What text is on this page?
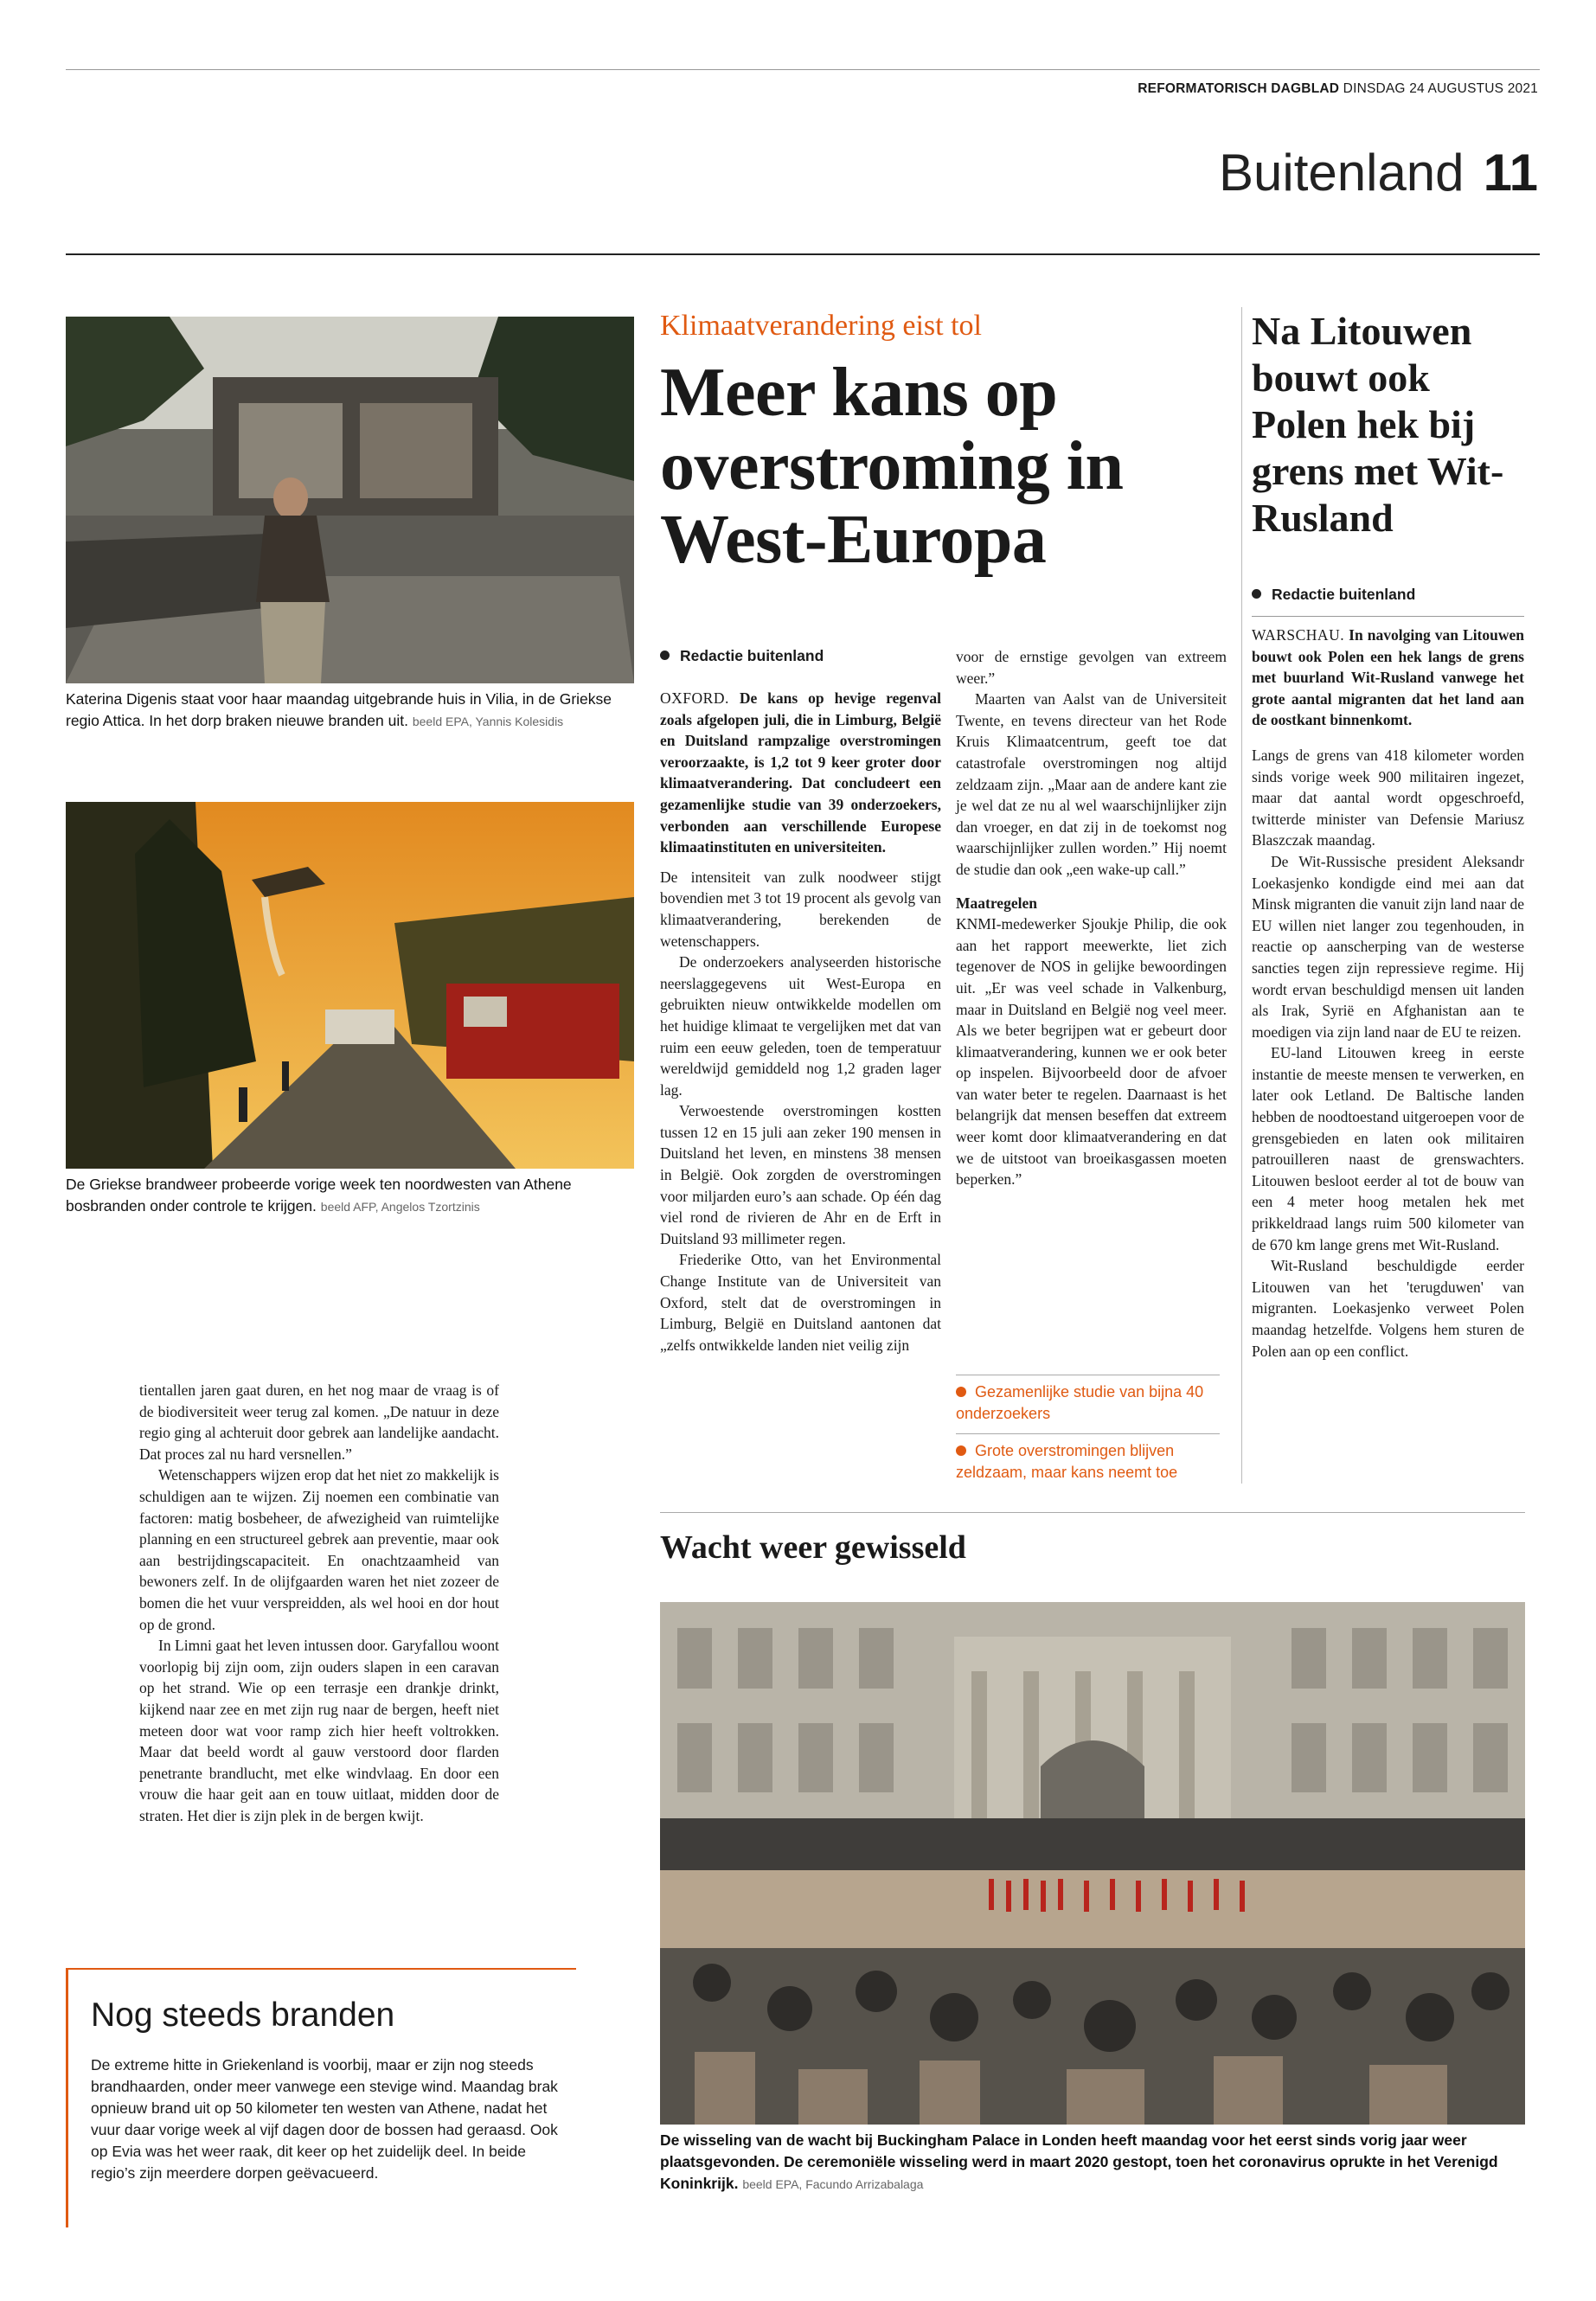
REFORMATORISCH DAGBLAD DINSDAG 24 AUGUSTUS 2021
Buitenland 11
Katerina Digenis staat voor haar maandag uitgebrande huis in Vilia, in de Griekse regio Attica. In het dorp braken nieuwe branden uit. beeld EPA, Yannis Kolesidis
De Griekse brandweer probeerde vorige week ten noordwesten van Athene bosbranden onder controle te krijgen. beeld AFP, Angelos Tzortzinis

tientallen jaren gaat duren, en het nog maar de vraag is of de biodiversiteit weer terug zal komen. „De natuur in deze regio ging al achteruit door gebrek aan landelijke aandacht. Dat proces zal nu hard versnellen.”

Wetenschappers wijzen erop dat het niet zo makkelijk is schuldigen aan te wijzen. Zij noemen een combinatie van factoren: matig bosbeheer, de afwezigheid van ruimtelijke planning en een structureel gebrek aan preventie, maar ook aan bestrijdingscapaciteit. En onachtzaamheid van bewoners zelf. In de olijfgaarden waren het niet zozeer de bomen die het vuur verspreidden, als wel hooi en dor hout op de grond.

In Limni gaat het leven intussen door. Garyfallou woont voorlopig bij zijn oom, zijn ouders slapen in een caravan op het strand. Wie op een terrasje een drankje drinkt, kijkend naar zee en met zijn rug naar de bergen, heeft niet meteen door wat voor ramp zich hier heeft voltrokken. Maar dat beeld wordt al gauw verstoord door flarden penetrante brandlucht, met elke windvlaag. En door een vrouw die haar geit aan en touw uitlaat, midden door de straten. Het dier is zijn plek in de bergen kwijt.

Nog steeds branden
De extreme hitte in Griekenland is voorbij, maar er zijn nog steeds brandhaarden, onder meer vanwege een stevige wind. Maandag brak opnieuw brand uit op 50 kilometer ten westen van Athene, nadat het vuur daar vorige week al vijf dagen door de bossen had geraasd. Ook op Evia was het weer raak, dit keer op het zuidelijk deel. In beide regio’s zijn meerdere dorpen geëvacueerd.
Klimaatverandering eist tol
Meer kans op overstroming in West-Europa
Redactie buitenland

OXFORD. De kans op hevige regenval zoals afgelopen juli, die in Limburg, België en Duitsland rampzalige overstromingen veroorzaakte, is 1,2 tot 9 keer groter door klimaatverandering. Dat concludeert een gezamenlijke studie van 39 onderzoekers, verbonden aan verschillende Europese klimaatinstituten en universiteiten.

De intensiteit van zulk noodweer stijgt bovendien met 3 tot 19 procent als gevolg van klimaatverandering, berekenden de wetenschappers.

De onderzoekers analyseerden historische neerslaggegevens uit West-Europa en gebruikten nieuw ontwikkelde modellen om het huidige klimaat te vergelijken met dat van ruim een eeuw geleden, toen de temperatuur wereldwijd gemiddeld nog 1,2 graden lager lag.

Verwoestende overstromingen kostten tussen 12 en 15 juli aan zeker 190 mensen in Duitsland het leven, en minstens 38 mensen in België. Ook zorgden de overstromingen voor miljarden euro’s aan schade. Op één dag viel rond de rivieren de Ahr en de Erft in Duitsland 93 millimeter regen.

Friederike Otto, van het Environmental Change Institute van de Universiteit van Oxford, stelt dat de overstromingen in Limburg, België en Duitsland aantonen dat „zelfs ontwikkelde landen niet veilig zijn

voor de ernstige gevolgen van extreem weer.”

Maarten van Aalst van de Universiteit Twente, en tevens directeur van het Rode Kruis Klimaatcentrum, geeft toe dat catastrofale overstromingen nog altijd zeldzaam zijn. „Maar aan de andere kant zie je wel dat ze nu al wel waarschijnlijker zijn dan vroeger, en dat zij in de toekomst nog waarschijnlijker zullen worden.” Hij noemt de studie dan ook „een wake-up call.”

Maatregelen

KNMI-medewerker Sjoukje Philip, die ook aan het rapport meewerkte, liet zich tegenover de NOS in gelijke bewoordingen uit. „Er was veel schade in Valkenburg, maar in Duitsland en België nog veel meer. Als we beter begrijpen wat er gebeurt door klimaatverandering, kunnen we er ook beter op inspelen. Bijvoorbeeld door de afvoer van water beter te regelen. Daarnaast is het belangrijk dat mensen beseffen dat extreem weer komt door klimaatverandering en dat we de uitstoot van broeikasgassen moeten beperken.”

Gezamenlijke studie van bijna 40 onderzoekers
Grote overstromingen blijven zeldzaam, maar kans neemt toe
Na Litouwen bouwt ook Polen hek bij grens met Wit-Rusland
Redactie buitenland

WARSCHAU. In navolging van Litouwen bouwt ook Polen een hek langs de grens met buurland Wit-Rusland vanwege het grote aantal migranten dat het land aan de oostkant binnenkomt.

Langs de grens van 418 kilometer worden sinds vorige week 900 militairen ingezet, maar dat aantal wordt opgeschroefd, twitterde minister van Defensie Mariusz Blaszczak maandag.

De Wit-Russische president Aleksandr Loekasjenko kondigde eind mei aan dat Minsk migranten die vanuit zijn land naar de EU willen niet langer zou tegenhouden, in reactie op aanscherping van de westerse sancties tegen zijn repressieve regime. Hij wordt ervan beschuldigd mensen uit landen als Irak, Syrië en Afghanistan aan te moedigen via zijn land naar de EU te reizen.

EU-land Litouwen kreeg in eerste instantie de meeste mensen te verwerken, en later ook Letland. De Baltische landen hebben de noodtoestand uitgeroepen voor de grensgebieden en laten ook militairen patrouilleren naast de grenswachters. Litouwen besloot eerder al tot de bouw van een 4 meter hoog metalen hek met prikkeldraad langs ruim 500 kilometer van de 670 km lange grens met Wit-Rusland.

Wit-Rusland beschuldigde eerder Litouwen van het 'terugduwen' van migranten. Loekasjenko verweet Polen maandag hetzelfde. Volgens hem sturen de Polen aan op een conflict.

Wacht weer gewisseld
De wisseling van de wacht bij Buckingham Palace in Londen heeft maandag voor het eerst sinds vorig jaar weer plaatsgevonden. De ceremoniële wisseling werd in maart 2020 gestopt, toen het coronavirus oprukte in het Verenigd Koninkrijk. beeld EPA, Facundo Arrizabalaga
